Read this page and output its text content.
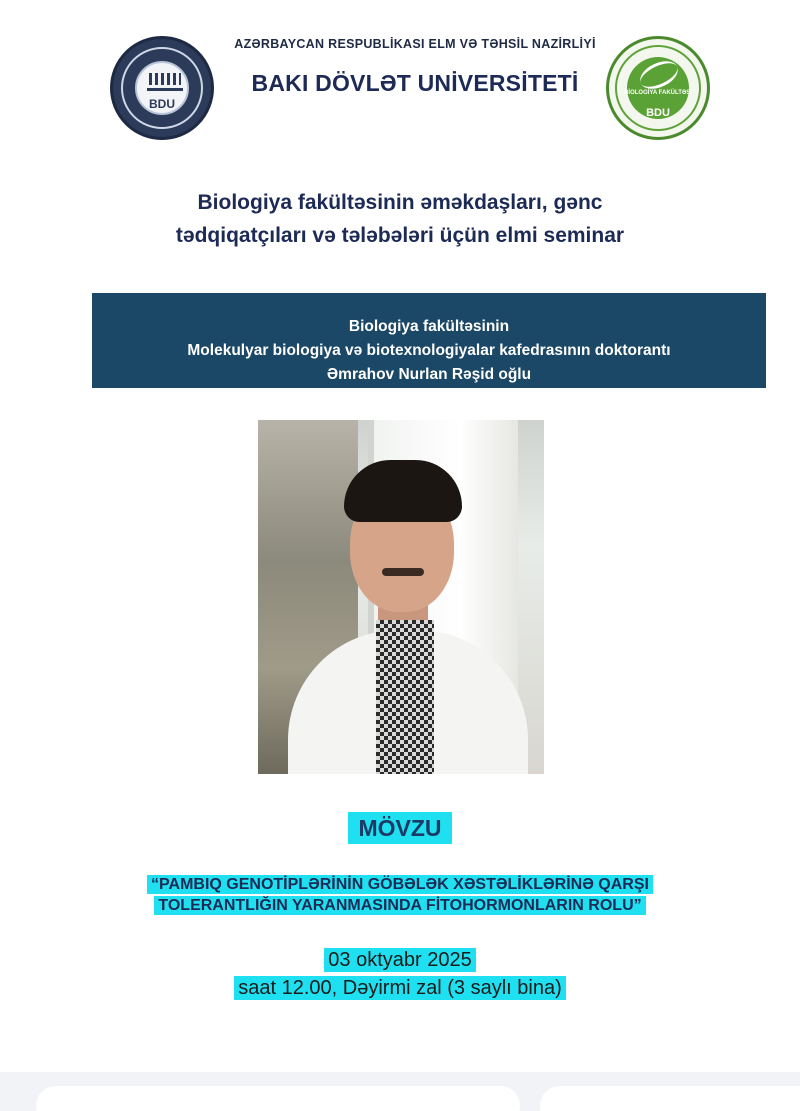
BDU
AZƏRBAYCAN RESPUBLİKASI ELM VƏ TƏHSİL NAZİRLİYİ
BAKI DÖVLƏT UNİVERSİTETİ	BİOLOGİYA FAKÜLTƏSİ
BDU
Biologiya fakültəsinin əməkdaşları, gənc
tədqiqatçıları və tələbələri üçün elmi seminar
Biologiya fakültəsinin
Molekulyar biologiya və biotexnologiyalar kafedrasının doktorantı
Əmrahov Nurlan Rəşid oğlu
MÖVZU
“PAMBIQ GENOTİPLƏRİNİN GÖBƏLƏK XƏSTƏLİKLƏRİNƏ QARŞI
TOLERANTLIĞIN YARANMASINDA FİTOHORMONLARIN ROLU”
03 oktyabr 2025
saat 12.00, Dəyirmi zal (3 saylı bina)
